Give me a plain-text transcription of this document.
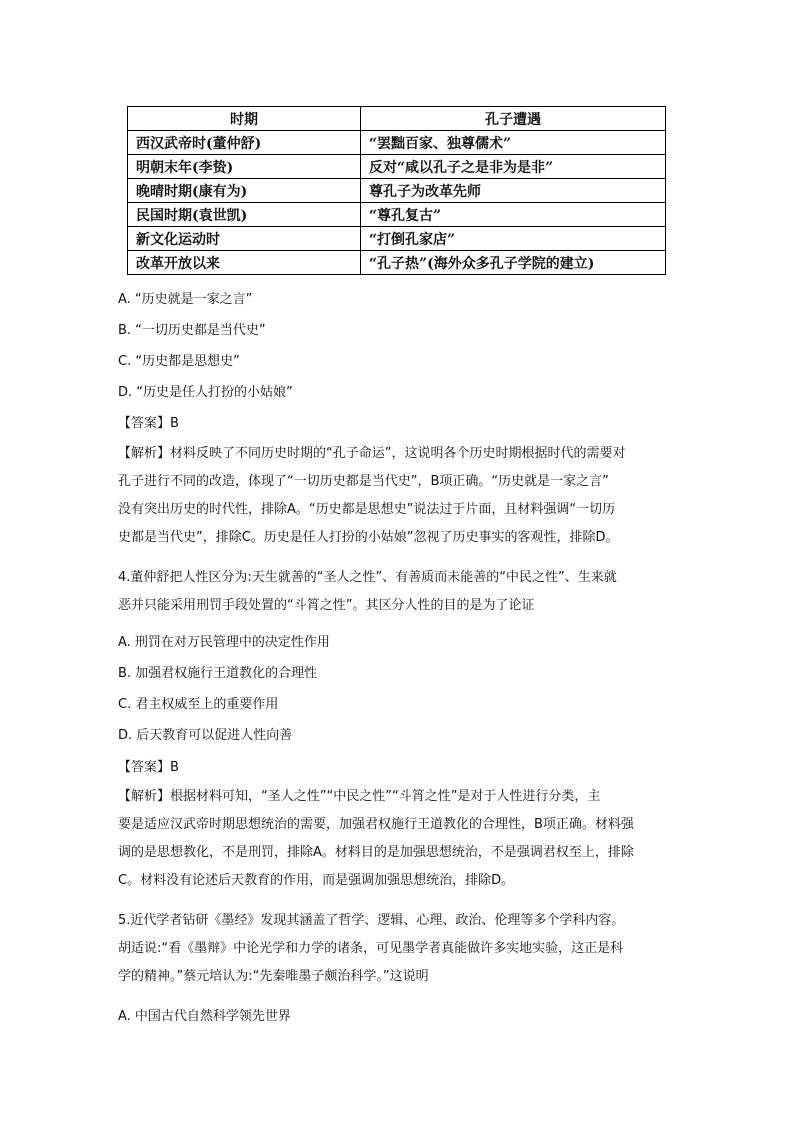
时期	孔子遭遇
西汉武帝时(董仲舒)	“罢黜百家、独尊儒术”
明朝末年(李贽)	反对“咸以孔子之是非为是非”
晚晴时期(康有为)	尊孔子为改革先师
民国时期(袁世凯)	“尊孔复古”
新文化运动时	“打倒孔家店”
改革开放以来	“孔子热”(海外众多孔子学院的建立)
A. “历史就是一家之言”
B. “一切历史都是当代史”
C. “历史都是思想史”
D. “历史是任人打扮的小姑娘”
【答案】B
【解析】材料反映了不同历史时期的“孔子命运”，这说明各个历史时期根据时代的需要对
孔子进行不同的改造，体现了“一切历史都是当代史”，B项正确。“历史就是一家之言”
没有突出历史的时代性，排除A。“历史都是思想史”说法过于片面，且材料强调“一切历
史都是当代史”，排除C。历史是任人打扮的小姑娘”忽视了历史事实的客观性，排除D。
4.董仲舒把人性区分为:天生就善的“圣人之性”、有善质而未能善的“中民之性”、生来就
恶并只能采用刑罚手段处置的“斗筲之性”。其区分人性的目的是为了论证
A. 刑罚在对万民管理中的决定性作用
B. 加强君权施行王道教化的合理性
C. 君主权威至上的重要作用
D. 后天教育可以促进人性向善
【答案】B
【解析】根据材料可知，“圣人之性”“中民之性”“斗筲之性”是对于人性进行分类，主
要是适应汉武帝时期思想统治的需要，加强君权施行王道教化的合理性，B项正确。材料强
调的是思想教化，不是刑罚，排除A。材料目的是加强思想统治，不是强调君权至上，排除
C。材料没有论述后天教育的作用，而是强调加强思想统治，排除D。
5.近代学者钻研《墨经》发现其涵盖了哲学、逻辑、心理、政治、伦理等多个学科内容。
胡适说:“看《墨辩》中论光学和力学的诸条，可见墨学者真能做许多实地实验，这正是科
学的精神。”蔡元培认为:“先秦唯墨子颇治科学。”这说明
A. 中国古代自然科学领先世界
